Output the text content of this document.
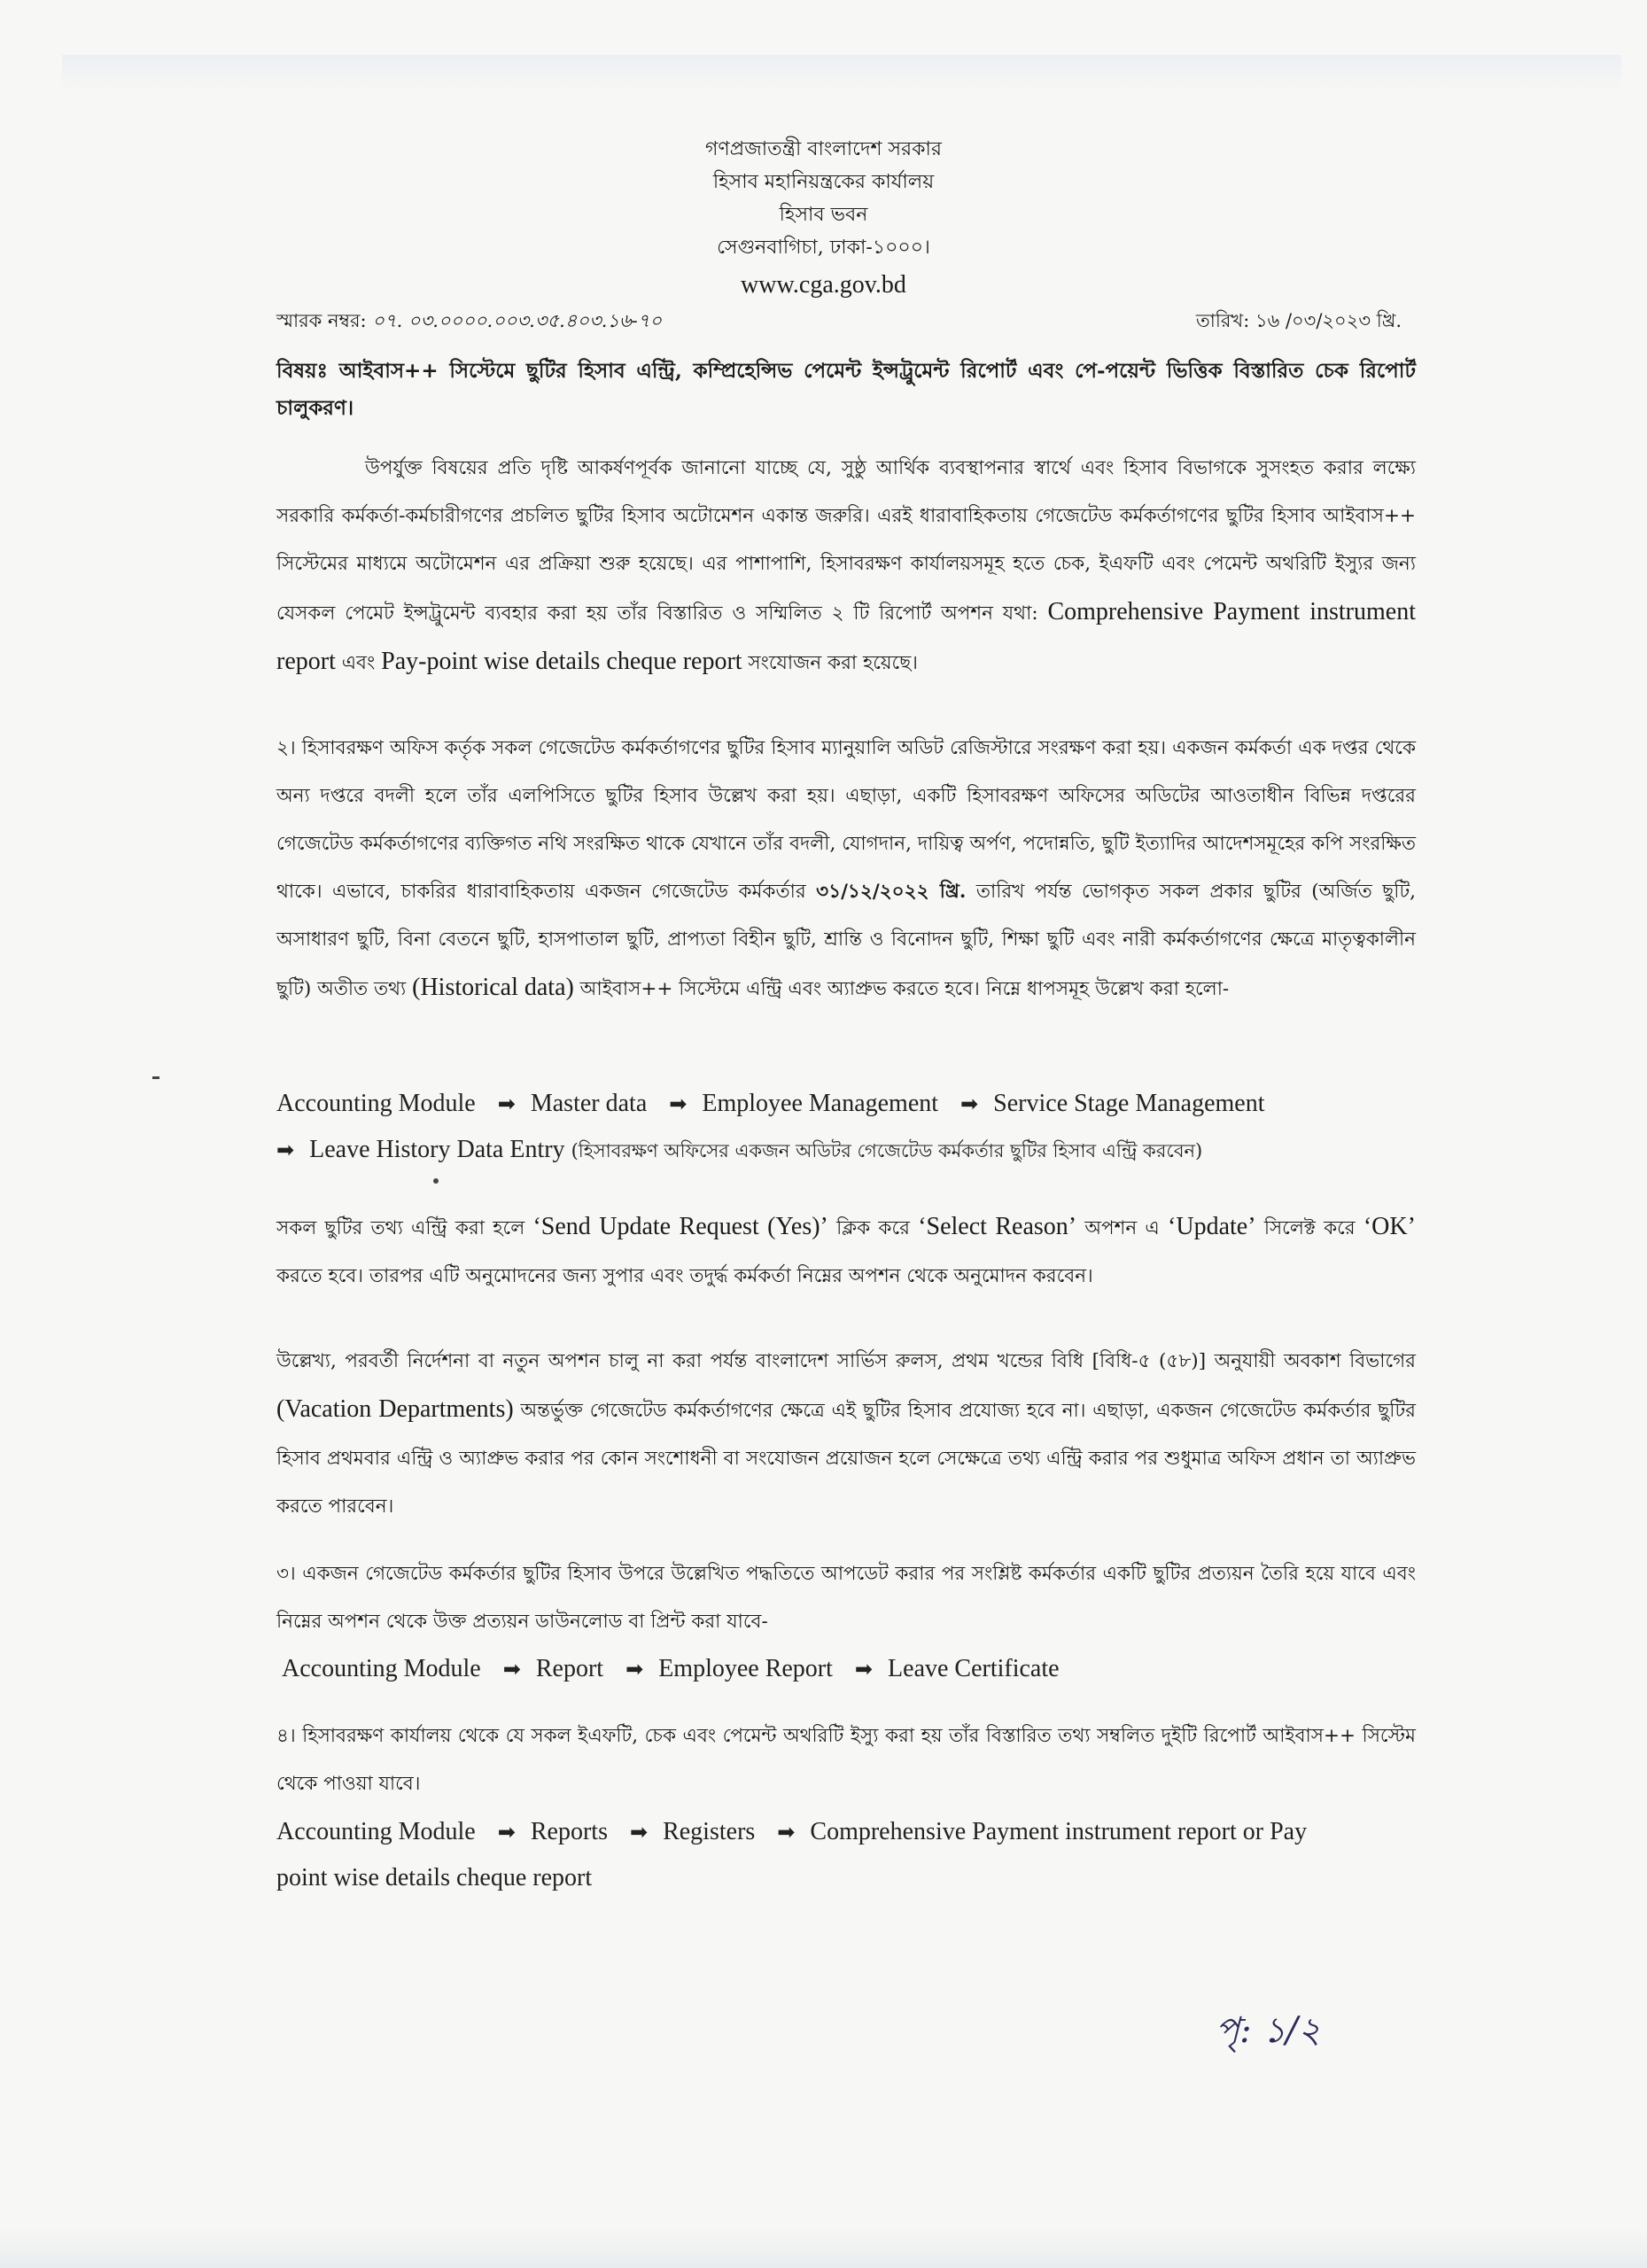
গণপ্রজাতন্ত্রী বাংলাদেশ সরকার
হিসাব মহানিয়ন্ত্রকের কার্যালয়
হিসাব ভবন
সেগুনবাগিচা, ঢাকা-১০০০।
www.cga.gov.bd
স্মারক নম্বর: ০৭. ০৩.০০০০.০০৩.৩৫.৪০৩.১৬-৭০	তারিখ: ১৬ /০৩/২০২৩ খ্রি.
বিষয়ঃ আইবাস++ সিস্টেমে ছুটির হিসাব এন্ট্রি, কম্প্রিহেন্সিভ পেমেন্ট ইন্সট্রুমেন্ট রিপোর্ট এবং পে-পয়েন্ট ভিত্তিক বিস্তারিত চেক রিপোর্ট চালুকরণ।
উপর্যুক্ত বিষয়ের প্রতি দৃষ্টি আকর্ষণপূর্বক জানানো যাচ্ছে যে, সুষ্ঠু আর্থিক ব্যবস্থাপনার স্বার্থে এবং হিসাব বিভাগকে সুসংহত করার লক্ষ্যে সরকারি কর্মকর্তা-কর্মচারীগণের প্রচলিত ছুটির হিসাব অটোমেশন একান্ত জরুরি। এরই ধারাবাহিকতায় গেজেটেড কর্মকর্তাগণের ছুটির হিসাব আইবাস++ সিস্টেমের মাধ্যমে অটোমেশন এর প্রক্রিয়া শুরু হয়েছে। এর পাশাপাশি, হিসাবরক্ষণ কার্যালয়সমূহ হতে চেক, ইএফটি এবং পেমেন্ট অথরিটি ইস্যুর জন্য যেসকল পেমেট ইন্সট্রুমেন্ট ব্যবহার করা হয় তাঁর বিস্তারিত ও সম্মিলিত ২ টি রিপোর্ট অপশন যথা: Comprehensive Payment instrument report এবং Pay-point wise details cheque report সংযোজন করা হয়েছে।
২। হিসাবরক্ষণ অফিস কর্তৃক সকল গেজেটেড কর্মকর্তাগণের ছুটির হিসাব ম্যানুয়ালি অডিট রেজিস্টারে সংরক্ষণ করা হয়। একজন কর্মকর্তা এক দপ্তর থেকে অন্য দপ্তরে বদলী হলে তাঁর এলপিসিতে ছুটির হিসাব উল্লেখ করা হয়। এছাড়া, একটি হিসাবরক্ষণ অফিসের অডিটের আওতাধীন বিভিন্ন দপ্তরের গেজেটেড কর্মকর্তাগণের ব্যক্তিগত নথি সংরক্ষিত থাকে যেখানে তাঁর বদলী, যোগদান, দায়িত্ব অর্পণ, পদোন্নতি, ছুটি ইত্যাদির আদেশসমূহের কপি সংরক্ষিত থাকে। এভাবে, চাকরির ধারাবাহিকতায় একজন গেজেটেড কর্মকর্তার ৩১/১২/২০২২ খ্রি. তারিখ পর্যন্ত ভোগকৃত সকল প্রকার ছুটির (অর্জিত ছুটি, অসাধারণ ছুটি, বিনা বেতনে ছুটি, হাসপাতাল ছুটি, প্রাপ্যতা বিহীন ছুটি, শ্রান্তি ও বিনোদন ছুটি, শিক্ষা ছুটি এবং নারী কর্মকর্তাগণের ক্ষেত্রে মাতৃত্বকালীন ছুটি) অতীত তথ্য (Historical data) আইবাস++ সিস্টেমে এন্ট্রি এবং অ্যাপ্রুভ করতে হবে। নিম্নে ধাপসমূহ উল্লেখ করা হলো-
Accounting Module ➡ Master data ➡ Employee Management ➡ Service Stage Management
➡ Leave History Data Entry (হিসাবরক্ষণ অফিসের একজন অডিটর গেজেটেড কর্মকর্তার ছুটির হিসাব এন্ট্রি করবেন)
সকল ছুটির তথ্য এন্ট্রি করা হলে ‘Send Update Request (Yes)’ ক্লিক করে ‘Select Reason’ অপশন এ ‘Update’ সিলেক্ট করে ‘OK’ করতে হবে। তারপর এটি অনুমোদনের জন্য সুপার এবং তদুর্দ্ধ কর্মকর্তা নিম্নের অপশন থেকে অনুমোদন করবেন।
উল্লেখ্য, পরবর্তী নির্দেশনা বা নতুন অপশন চালু না করা পর্যন্ত বাংলাদেশ সার্ভিস রুলস, প্রথম খন্ডের বিধি [বিধি-৫ (৫৮)] অনুযায়ী অবকাশ বিভাগের (Vacation Departments) অন্তর্ভুক্ত গেজেটেড কর্মকর্তাগণের ক্ষেত্রে এই ছুটির হিসাব প্রযোজ্য হবে না। এছাড়া, একজন গেজেটেড কর্মকর্তার ছুটির হিসাব প্রথমবার এন্ট্রি ও অ্যাপ্রুভ করার পর কোন সংশোধনী বা সংযোজন প্রয়োজন হলে সেক্ষেত্রে তথ্য এন্ট্রি করার পর শুধুমাত্র অফিস প্রধান তা অ্যাপ্রুভ করতে পারবেন।
৩। একজন গেজেটেড কর্মকর্তার ছুটির হিসাব উপরে উল্লেখিত পদ্ধতিতে আপডেট করার পর সংশ্লিষ্ট কর্মকর্তার একটি ছুটির প্রত্যয়ন তৈরি হয়ে যাবে এবং নিম্নের অপশন থেকে উক্ত প্রত্যয়ন ডাউনলোড বা প্রিন্ট করা যাবে-
Accounting Module ➡ Report ➡ Employee Report ➡ Leave Certificate
৪। হিসাবরক্ষণ কার্যালয় থেকে যে সকল ইএফটি, চেক এবং পেমেন্ট অথরিটি ইস্যু করা হয় তাঁর বিস্তারিত তথ্য সম্বলিত দুইটি রিপোর্ট আইবাস++ সিস্টেম থেকে পাওয়া যাবে।
Accounting Module ➡ Reports ➡ Registers ➡ Comprehensive Payment instrument report or Pay
point wise details cheque report
পৃ: ১/২
